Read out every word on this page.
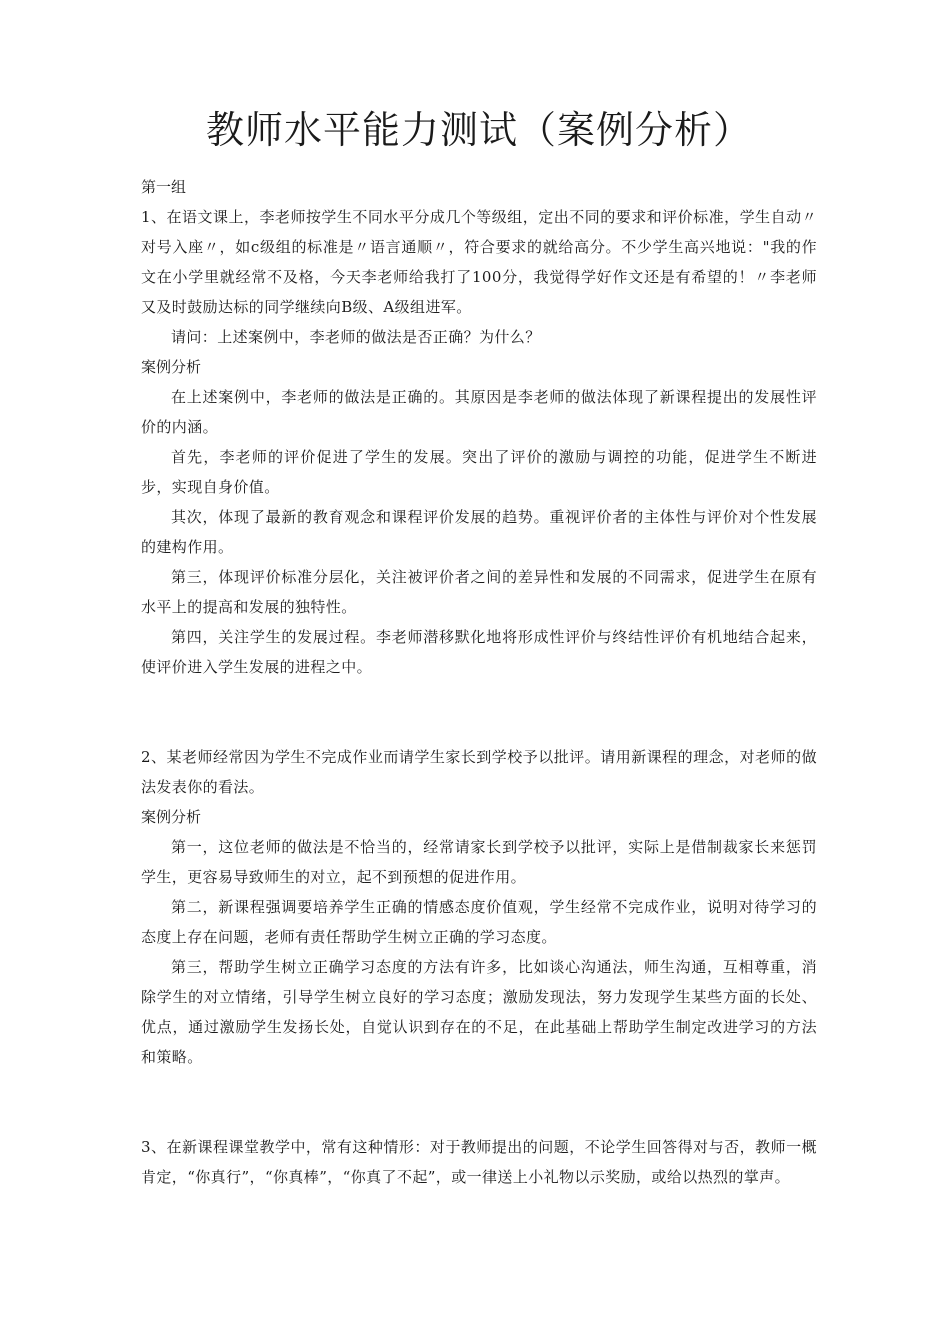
教师水平能力测试（案例分析）

第一组

1、在语文课上，李老师按学生不同水平分成几个等级组，定出不同的要求和评价标准，学生自动〃对号入座〃，如c级组的标准是〃语言通顺〃，符合要求的就给高分。不少学生高兴地说："我的作文在小学里就经常不及格，今天李老师给我打了100分，我觉得学好作文还是有希望的！〃李老师又及时鼓励达标的同学继续向B级、A级组进军。

请问：上述案例中，李老师的做法是否正确？为什么？

案例分析

在上述案例中，李老师的做法是正确的。其原因是李老师的做法体现了新课程提出的发展性评价的内涵。

首先，李老师的评价促进了学生的发展。突出了评价的激励与调控的功能，促进学生不断进步，实现自身价值。

其次，体现了最新的教育观念和课程评价发展的趋势。重视评价者的主体性与评价对个性发展的建构作用。

第三，体现评价标准分层化，关注被评价者之间的差异性和发展的不同需求，促进学生在原有水平上的提高和发展的独特性。

第四，关注学生的发展过程。李老师潜移默化地将形成性评价与终结性评价有机地结合起来，使评价进入学生发展的进程之中。

2、某老师经常因为学生不完成作业而请学生家长到学校予以批评。请用新课程的理念，对老师的做法发表你的看法。

案例分析

第一，这位老师的做法是不恰当的，经常请家长到学校予以批评，实际上是借制裁家长来惩罚学生，更容易导致师生的对立，起不到预想的促进作用。

第二，新课程强调要培养学生正确的情感态度价值观，学生经常不完成作业，说明对待学习的态度上存在问题，老师有责任帮助学生树立正确的学习态度。

第三，帮助学生树立正确学习态度的方法有许多，比如谈心沟通法，师生沟通，互相尊重，消除学生的对立情绪，引导学生树立良好的学习态度；激励发现法，努力发现学生某些方面的长处、优点，通过激励学生发扬长处，自觉认识到存在的不足，在此基础上帮助学生制定改进学习的方法和策略。

3、在新课程课堂教学中，常有这种情形：对于教师提出的问题，不论学生回答得对与否，教师一概肯定，“你真行”，“你真棒”，“你真了不起”，或一律送上小礼物以示奖励，或给以热烈的掌声。
